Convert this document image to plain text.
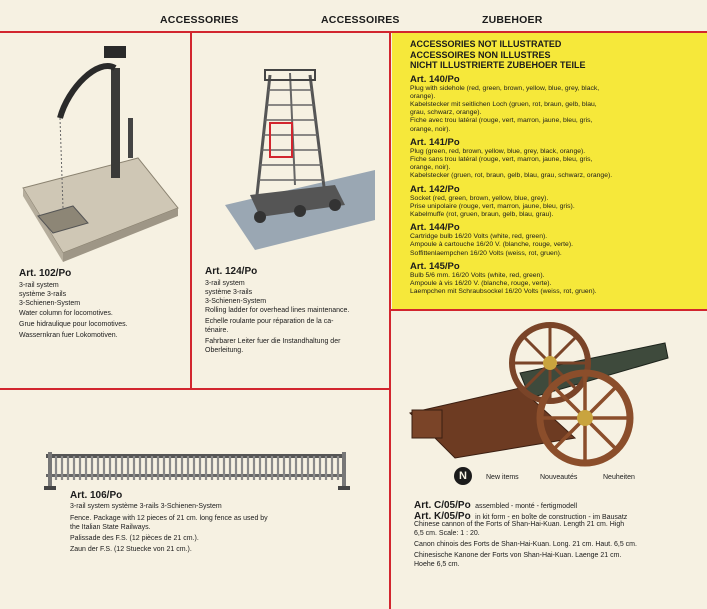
ACCESSORIES	ACCESSOIRES	ZUBEHOER
Art. 102/Po
3-rail system
système 3-rails
3-Schienen-System
Water column for locomotives.
Grue hidraulique pour locomotives.
Wassernkran fuer Lokomotiven.
Art. 124/Po
3-rail system
système 3-rails
3-Schienen-System
Rolling ladder for overhead lines maintenance.
Echelle roulante pour réparation de la ca-
ténaire.
Fahrbarer Leiter fuer die Instandhaltung der
Oberleitung.
ACCESSORIES NOT ILLUSTRATED
ACCESSOIRES NON ILLUSTRES
NICHT ILLUSTRIERTE ZUBEHOER TEILE
Art. 140/Po
Plug with sidehole (red, green, brown, yellow, blue, grey, black,
orange).
Kabelstecker mit seitlichen Loch (gruen, rot, braun, gelb, blau,
grau, schwarz, orange).
Fiche avec trou latéral (rouge, vert, marron, jaune, bleu, gris,
orange, noir).
Art. 141/Po
Plug (green, red, brown, yellow, blue, grey, black, orange).
Fiche sans trou latéral (rouge, vert, marron, jaune, bleu, gris,
orange, noir).
Kabelstecker (gruen, rot, braun, gelb, blau, grau, schwarz, orange).
Art. 142/Po
Socket (red, green, brown, yellow, blue, grey).
Prise unipolaire (rouge, vert, marron, jaune, bleu, gris).
Kabelmuffe (rot, gruen, braun, gelb, blau, grau).
Art. 144/Po
Cartridge bulb 16/20 Volts (white, red, green).
Ampoule à cartouche 16/20 V. (blanche, rouge, verte).
Soffittenlaempchen 16/20 Volts (weiss, rot, gruen).
Art. 145/Po
Bulb 5/6 mm. 16/20 Volts (white, red, green).
Ampoule à vis 16/20 V. (blanche, rouge, verte).
Laempchen mit Schraubsockel 16/20 Volts (weiss, rot, gruen).
Art. 106/Po
3-rail system système 3-rails 3-Schienen-System
Fence. Package with 12 pieces of 21 cm. long fence as used by
the Italian State Railways.
Palissade des F.S. (12 pièces de 21 cm.).
Zaun der F.S. (12 Stuecke von 21 cm.).
N	New items	Nouveautés	Neuheiten
Art. C/05/Po assembled - monté - fertigmodell
Art. K/05/Po in kit form - en boîte de construction - im Bausatz
Chinese cannon of the Forts of Shan-Hai-Kuan. Length 21 cm. High
6,5 cm. Scale: 1 : 20.
Canon chinois des Forts de Shan-Hai-Kuan. Long. 21 cm. Haut. 6,5 cm.
Chinesische Kanone der Forts von Shan-Hai-Kuan. Laenge 21 cm.
Hoehe 6,5 cm.
